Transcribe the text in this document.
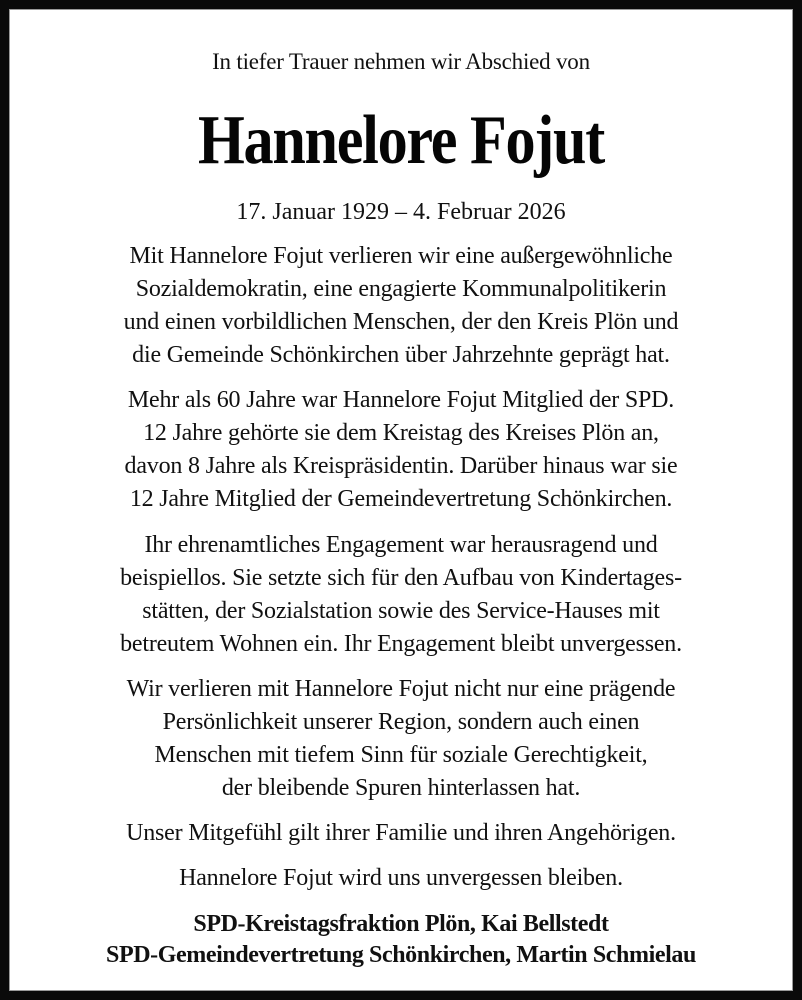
In tiefer Trauer nehmen wir Abschied von
Hannelore Fojut
17. Januar 1929 – 4. Februar 2026
Mit Hannelore Fojut verlieren wir eine außergewöhnliche
Sozialdemokratin, eine engagierte Kommunalpolitikerin
und einen vorbildlichen Menschen, der den Kreis Plön und
die Gemeinde Schönkirchen über Jahrzehnte geprägt hat.
Mehr als 60 Jahre war Hannelore Fojut Mitglied der SPD.
12 Jahre gehörte sie dem Kreistag des Kreises Plön an,
davon 8 Jahre als Kreispräsidentin. Darüber hinaus war sie
12 Jahre Mitglied der Gemeindevertretung Schönkirchen.
Ihr ehrenamtliches Engagement war herausragend und
beispiellos. Sie setzte sich für den Aufbau von Kindertages-
stätten, der Sozialstation sowie des Service-Hauses mit
betreutem Wohnen ein. Ihr Engagement bleibt unvergessen.
Wir verlieren mit Hannelore Fojut nicht nur eine prägende
Persönlichkeit unserer Region, sondern auch einen
Menschen mit tiefem Sinn für soziale Gerechtigkeit,
der bleibende Spuren hinterlassen hat.
Unser Mitgefühl gilt ihrer Familie und ihren Angehörigen.
Hannelore Fojut wird uns unvergessen bleiben.
SPD-Kreistagsfraktion Plön, Kai Bellstedt
SPD-Gemeindevertretung Schönkirchen, Martin Schmielau
